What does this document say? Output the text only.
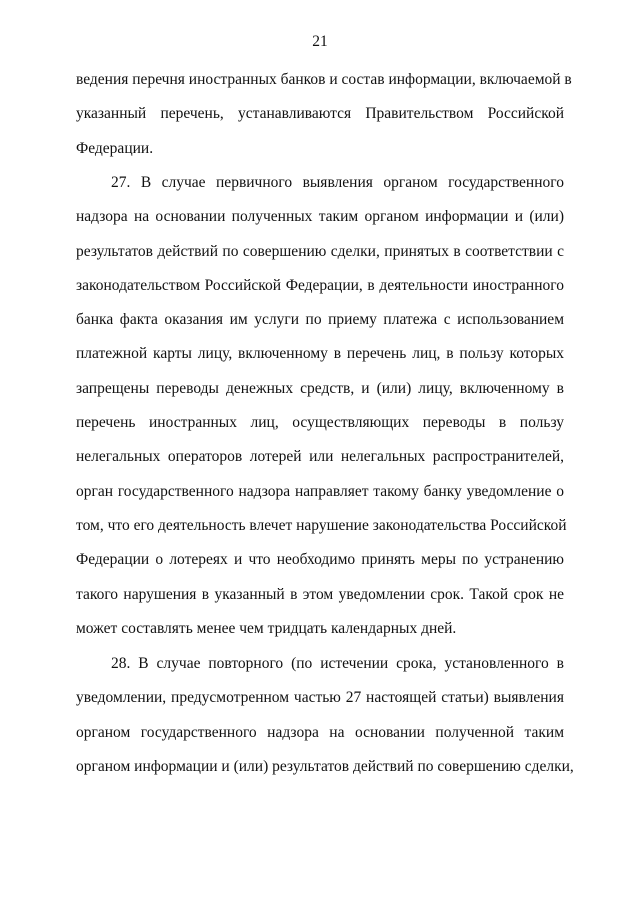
21
ведения перечня иностранных банков и состав информации, включаемой в
указанный перечень, устанавливаются Правительством Российской
Федерации.
27. В случае первичного выявления органом государственного
надзора на основании полученных таким органом информации и (или)
результатов действий по совершению сделки, принятых в соответствии с
законодательством Российской Федерации, в деятельности иностранного
банка факта оказания им услуги по приему платежа с использованием
платежной карты лицу, включенному в перечень лиц, в пользу которых
запрещены переводы денежных средств, и (или) лицу, включенному в
перечень иностранных лиц, осуществляющих переводы в пользу
нелегальных операторов лотерей или нелегальных распространителей,
орган государственного надзора направляет такому банку уведомление о
том, что его деятельность влечет нарушение законодательства Российской
Федерации о лотереях и что необходимо принять меры по устранению
такого нарушения в указанный в этом уведомлении срок. Такой срок не
может составлять менее чем тридцать календарных дней.
28. В случае повторного (по истечении срока, установленного в
уведомлении, предусмотренном частью 27 настоящей статьи) выявления
органом государственного надзора на основании полученной таким
органом информации и (или) результатов действий по совершению сделки,
